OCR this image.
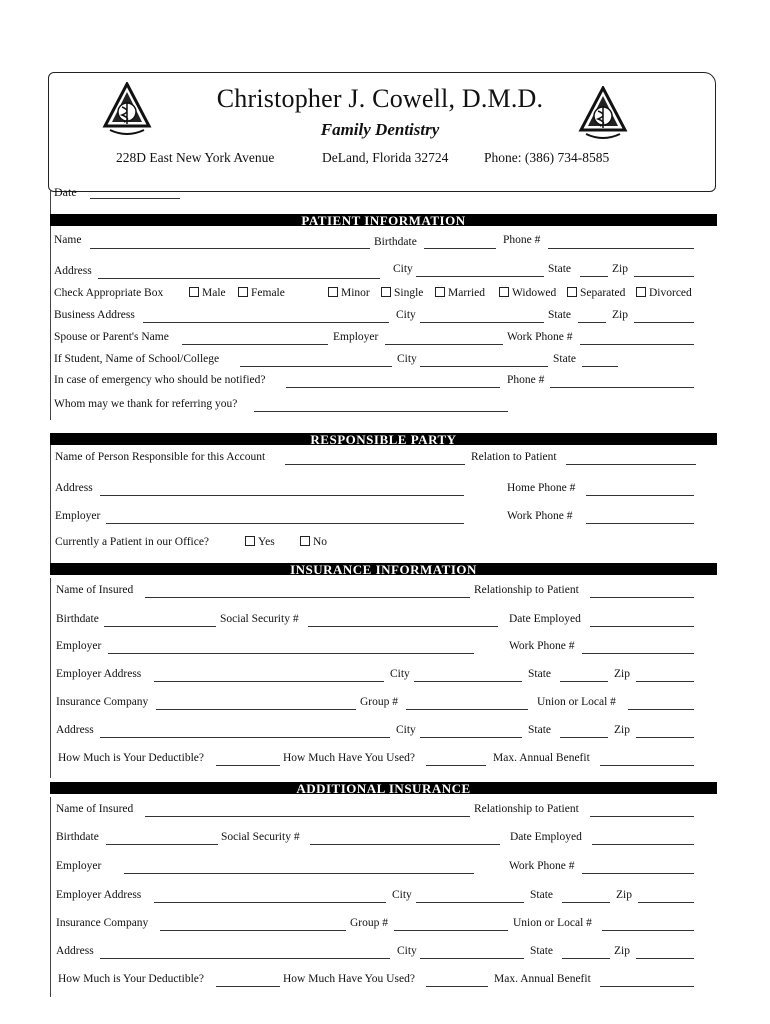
Christopher J. Cowell, D.M.D.
Family Dentistry
228D East New York Avenue	DeLand, Florida 32724	Phone: (386) 734-8585
Date
PATIENT INFORMATION
Name	Birthdate	Phone #
Address	City	State	Zip
Check Appropriate Box	Male	Female	Minor	Single	Married	Widowed	Separated	Divorced
Business Address	City	State	Zip
Spouse or Parent's Name	Employer	Work Phone #
If Student, Name of School/College	City	State
In case of emergency who should be notified?	Phone #
Whom may we thank for referring you?
RESPONSIBLE PARTY
Name of Person Responsible for this Account	Relation to Patient
Address	Home Phone #
Employer	Work Phone #
Currently a Patient in our Office?	Yes	No
INSURANCE INFORMATION
Name of Insured	Relationship to Patient
Birthdate	Social Security #	Date Employed
Employer	Work Phone #
Employer Address	City	State	Zip
Insurance Company	Group #	Union or Local #
Address	City	State	Zip
How Much is Your Deductible?	How Much Have You Used?	Max. Annual Benefit
ADDITIONAL INSURANCE
Name of Insured	Relationship to Patient
Birthdate	Social Security #	Date Employed
Employer	Work Phone #
Employer Address	City	State	Zip
Insurance Company	Group #	Union or Local #
Address	City	State	Zip
How Much is Your Deductible?	How Much Have You Used?	Max. Annual Benefit
